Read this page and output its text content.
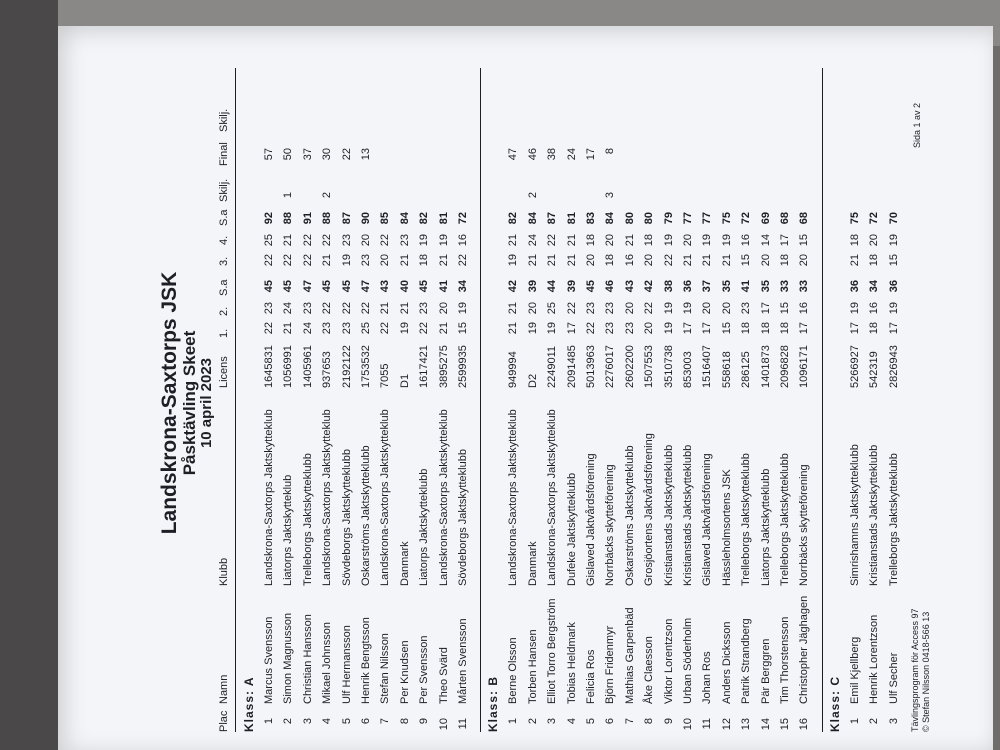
Landskrona-Saxtorps JSK Påsktävling Skeet 10 april 2023
Plac
Namn
Klubb
Licens
1.
2.
S.a
3.
4.
S.a
Skilj.
Final
Skilj.
Klass: A 1
Marcus Svensson
Landskrona-Saxtorps Jaktskytteklub
1645831
22
23
45
22
25
92
57
2
Simon Magnusson
Liatorps Jaktskytteklub
1056991
21
24
45
22
21
88
1
50
3
Christian Hansson
Trelleborgs Jaktskytteklubb
1405961
24
23
47
22
22
91
37
4
Mikael Johnsson
Landskrona-Saxtorps Jaktskytteklub
937653
23
22
45
21
22
88
2
30
5
Ulf Hermansson
Sövdeborgs Jaktskytteklubb
2192122
23
22
45
19
23
87
22
6
Henrik Bengtsson
Oskarströms Jaktskytteklubb
1753532
25
22
47
23
20
90
13
7
Stefan Nilsson
Landskrona-Saxtorps Jaktskytteklub
7055
22
21
43
20
22
85
8
Per Knudsen
Danmark
D1
19
21
40
21
23
84
9
Per Svensson
Liatorps Jaktskytteklubb
1617421
22
23
45
18
19
82
10
Theo Svärd
Landskrona-Saxtorps Jaktskytteklub
3895275
21
20
41
21
19
81
11
Mårten Svensson
Sövdeborgs Jaktskytteklubb
2599935
15
19
34
22
16
72
Klass: B 1
Berne Olsson
Landskrona-Saxtorps Jaktskytteklub
949994
21
21
42
19
21
82
47
2
Torben Hansen
Danmark
D2
19
20
39
21
24
84
2
46
3
Elliot Torro Bergström
Landskrona-Saxtorps Jaktskytteklub
2249011
19
25
44
21
22
87
38
4
Tobias Heldmark
Dufeke Jaktskytteklubb
2091485
17
22
39
21
21
81
24
5
Felicia Ros
Gislaved Jaktvårdsförening
5013963
22
23
45
20
18
83
17
6
Björn Fridenmyr
Norrbäcks skytteförening
2276017
23
23
46
18
20
84
3
8
7
Mathias Garpenbäd
Oskarströms Jaktskytteklubb
2602200
23
20
43
16
21
80
8
Åke Claesson
Grosjöortens Jaktvårdsförening
1507553
20
22
42
20
18
80
9
Viktor Lorentzson
Kristianstads Jaktskytteklubb
3510738
19
19
38
22
19
79
10
Urban Söderholm
Kristianstads Jaktskytteklubb
853003
17
19
36
21
20
77
11
Johan Ros
Gislaved Jaktvårdsförening
1516407
17
20
37
21
19
77
12
Anders Dicksson
Hässleholmsortens JSK
558618
15
20
35
21
19
75
13
Patrik Strandberg
Trelleborgs Jaktskytteklubb
286125
18
23
41
15
16
72
14
Pär Berggren
Liatorps Jaktskytteklubb
1401873
18
17
35
20
14
69
15
Tim Thorstensson
Trelleborgs Jaktskytteklubb
2096828
18
15
33
18
17
68
16
Christopher Jäghagen
Norrbäcks skytteförening
1096171
17
16
33
20
15
68
Klass: C 1
Emil Kjellberg
Simrishamns Jaktskytteklubb
5266927
17
19
36
21
18
75
2
Henrik Lorentzson
Kristianstads Jaktskytteklubb
542319
18
16
34
18
20
72
3
Ulf Secher
Trelleborgs Jaktskytteklubb
2826943
17
19
36
15
19
70
Tävlingsprogram för Access 97 © Stefan Nilsson 0418-566 13
Sida 1 av 2
